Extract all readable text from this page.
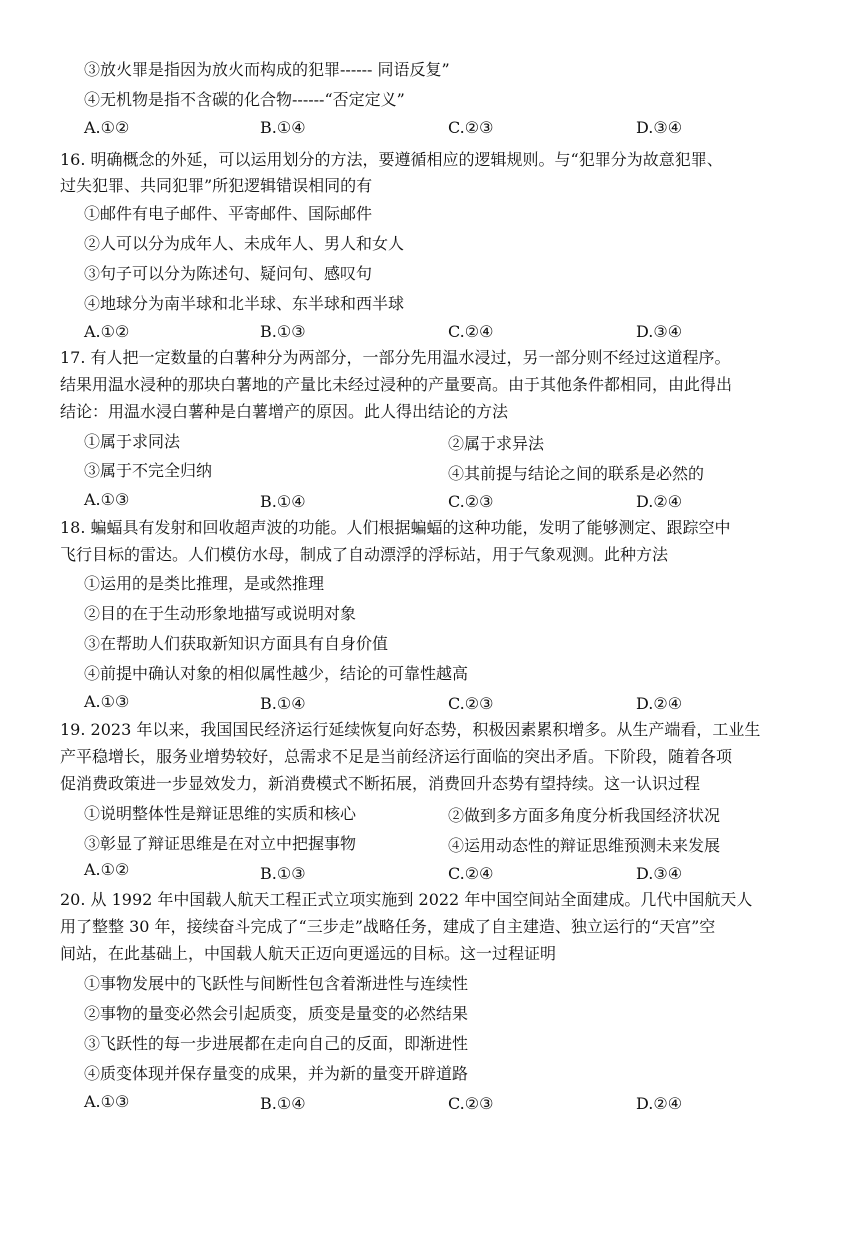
③放火罪是指因为放火而构成的犯罪------ 同语反复”
④无机物是指不含碳的化合物------“否定定义”
A.①②	B.①④	C.②③	D.③④
16. 明确概念的外延，可以运用划分的方法，要遵循相应的逻辑规则。与“犯罪分为故意犯罪、
过失犯罪、共同犯罪”所犯逻辑错误相同的有
①邮件有电子邮件、平寄邮件、国际邮件
②人可以分为成年人、未成年人、男人和女人
③句子可以分为陈述句、疑问句、感叹句
④地球分为南半球和北半球、东半球和西半球
A.①②	B.①③	C.②④	D.③④
17. 有人把一定数量的白薯种分为两部分，一部分先用温水浸过，另一部分则不经过这道程序。
结果用温水浸种的那块白薯地的产量比未经过浸种的产量要高。由于其他条件都相同，由此得出
结论：用温水浸白薯种是白薯增产的原因。此人得出结论的方法
①属于求同法	②属于求异法
③属于不完全归纳	④其前提与结论之间的联系是必然的
A.①③	B.①④	C.②③	D.②④
18. 蝙蝠具有发射和回收超声波的功能。人们根据蝙蝠的这种功能，发明了能够测定、跟踪空中
飞行目标的雷达。人们模仿水母，制成了自动漂浮的浮标站，用于气象观测。此种方法
①运用的是类比推理，是或然推理
②目的在于生动形象地描写或说明对象
③在帮助人们获取新知识方面具有自身价值
④前提中确认对象的相似属性越少，结论的可靠性越高
A.①③	B.①④	C.②③	D.②④
19. 2023 年以来，我国国民经济运行延续恢复向好态势，积极因素累积增多。从生产端看，工业生
产平稳增长，服务业增势较好，总需求不足是当前经济运行面临的突出矛盾。下阶段，随着各项
促消费政策进一步显效发力，新消费模式不断拓展，消费回升态势有望持续。这一认识过程
①说明整体性是辩证思维的实质和核心	②做到多方面多角度分析我国经济状况
③彰显了辩证思维是在对立中把握事物	④运用动态性的辩证思维预测未来发展
A.①②	B.①③	C.②④	D.③④
20. 从 1992 年中国载人航天工程正式立项实施到 2022 年中国空间站全面建成。几代中国航天人
用了整整 30 年，接续奋斗完成了“三步走”战略任务，建成了自主建造、独立运行的“天宫”空
间站，在此基础上，中国载人航天正迈向更遥远的目标。这一过程证明
①事物发展中的飞跃性与间断性包含着渐进性与连续性
②事物的量变必然会引起质变，质变是量变的必然结果
③飞跃性的每一步进展都在走向自己的反面，即渐进性
④质变体现并保存量变的成果，并为新的量变开辟道路
A.①③	B.①④	C.②③	D.②④
